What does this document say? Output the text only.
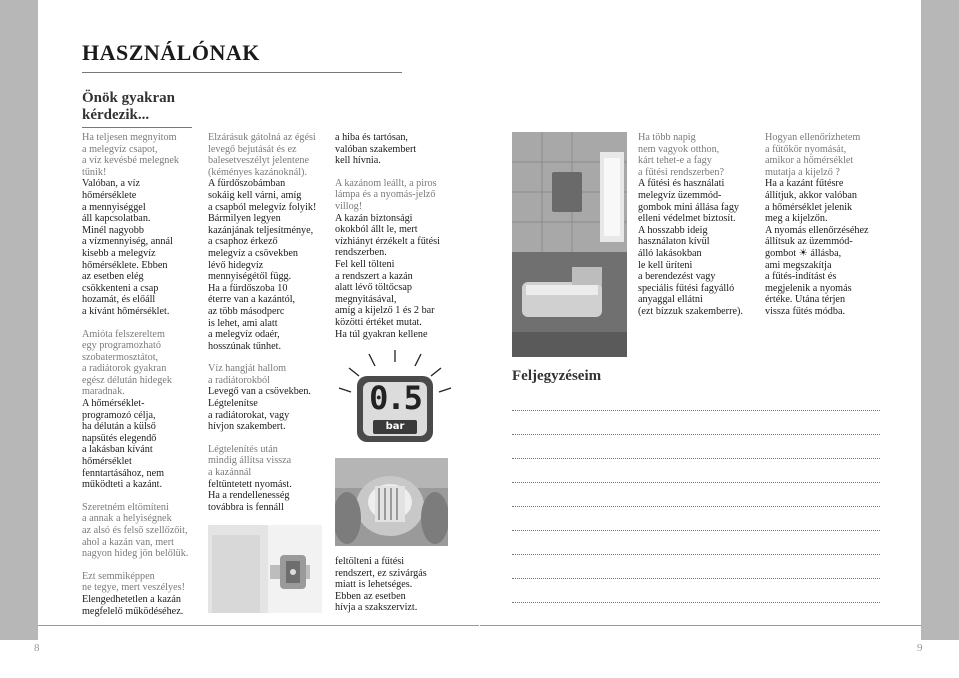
8	9
HASZNÁLÓNAK
Önök gyakran
kérdezik...

Ha teljesen megnyitom
a melegvíz csapot,
a víz kevésbé melegnek
tűnik!

Valóban, a víz
hőmérséklete
a mennyiséggel
áll kapcsolatban.
Minél nagyobb
a vízmennyiség, annál
kisebb a melegvíz
hőmérséklete. Ebben
az esetben elég
csökkenteni a csap
hozamát, és előáll
a kívánt hőmérséklet.

Amióta felszereltem
egy programozható
szobatermosztátot,
a radiátorok gyakran
egész délután hidegek
maradnak.

A hőmérséklet-
programozó célja,
ha délután a külső
napsütés elegendő
a lakásban kívánt
hőmérséklet
fenntartásához, nem
működteti a kazánt.

Szeretném eltömíteni
a annak a helyiségnek
az alsó és felső szellőzőit,
ahol a kazán van, mert
nagyon hideg jön belőlük.

Ezt semmiképpen
ne tegye, mert veszélyes!

Elengedhetetlen a kazán
megfelelő működéséhez.

Elzárásuk gátolná az égési
levegő bejutását és ez
balesetveszélyt jelentene
(kéményes kazánoknál).

A fürdőszobámban
sokáig kell várni, amíg
a csapból melegvíz folyik!
Bármilyen legyen
kazánjának teljesítménye,
a csaphoz érkező
melegvíz a csövekben
lévő hidegvíz
mennyiségétől függ.
Ha a fürdőszoba 10
éterre van a kazántól,
az több másodperc
is lehet, ami alatt
a melegvíz odaér,
hosszúnak tűnhet.

Víz hangját hallom
a radiátorokból

Levegő van a csövekben.
Légtelenítse
a radiátorokat, vagy
hívjon szakembert.

Légtelenítés után
mindig állítsa vissza
a kazánnál

feltüntetett nyomást.
Ha a rendellenesség
továbbra is fennáll

a hiba és tartósan,
valóban szakembert
kell hívnia.

A kazánom leállt, a piros
lámpa és a nyomás-jelző
villog!

A kazán biztonsági
okokból állt le, mert
vízhiányt érzékelt a fűtési
rendszerben.
Fel kell tölteni
a rendszert a kazán
alatt lévő töltőcsap
megnyitásával,
amíg a kijelző 1 és 2 bar
közötti értéket mutat.
Ha túl gyakran kellene

feltölteni a fűtési
rendszert, ez szivárgás
miatt is lehetséges.
Ebben az esetben
hívja a szakszervizt.

Ha több napig
nem vagyok otthon,
kárt tehet-e a fagy
a fűtési rendszerben?

A fűtési és használati
melegvíz üzemmód-
gombok mini állása fagy
elleni védelmet biztosít.
A hosszabb ideig
használaton kívül
álló lakásokban
le kell üríteni
a berendezést vagy
speciális fűtési fagyálló
anyaggal ellátni
(ezt bízzuk szakemberre).

Hogyan ellenőrizhetem
a fűtőkör nyomását,
amikor a hőmérséklet
mutatja a kijelző ?

Ha a kazánt fűtésre
állítjuk, akkor valóban
a hőmérséklet jelenik
meg a kijelzőn.
A nyomás ellenőrzéséhez
állítsuk az üzemmód-
gombot ☀ állásba,
ami megszakítja
a fűtés-indítást és
megjelenik a nyomás
értéke. Utána térjen
vissza fűtés módba.

0.5
bar
Feljegyzéseim
